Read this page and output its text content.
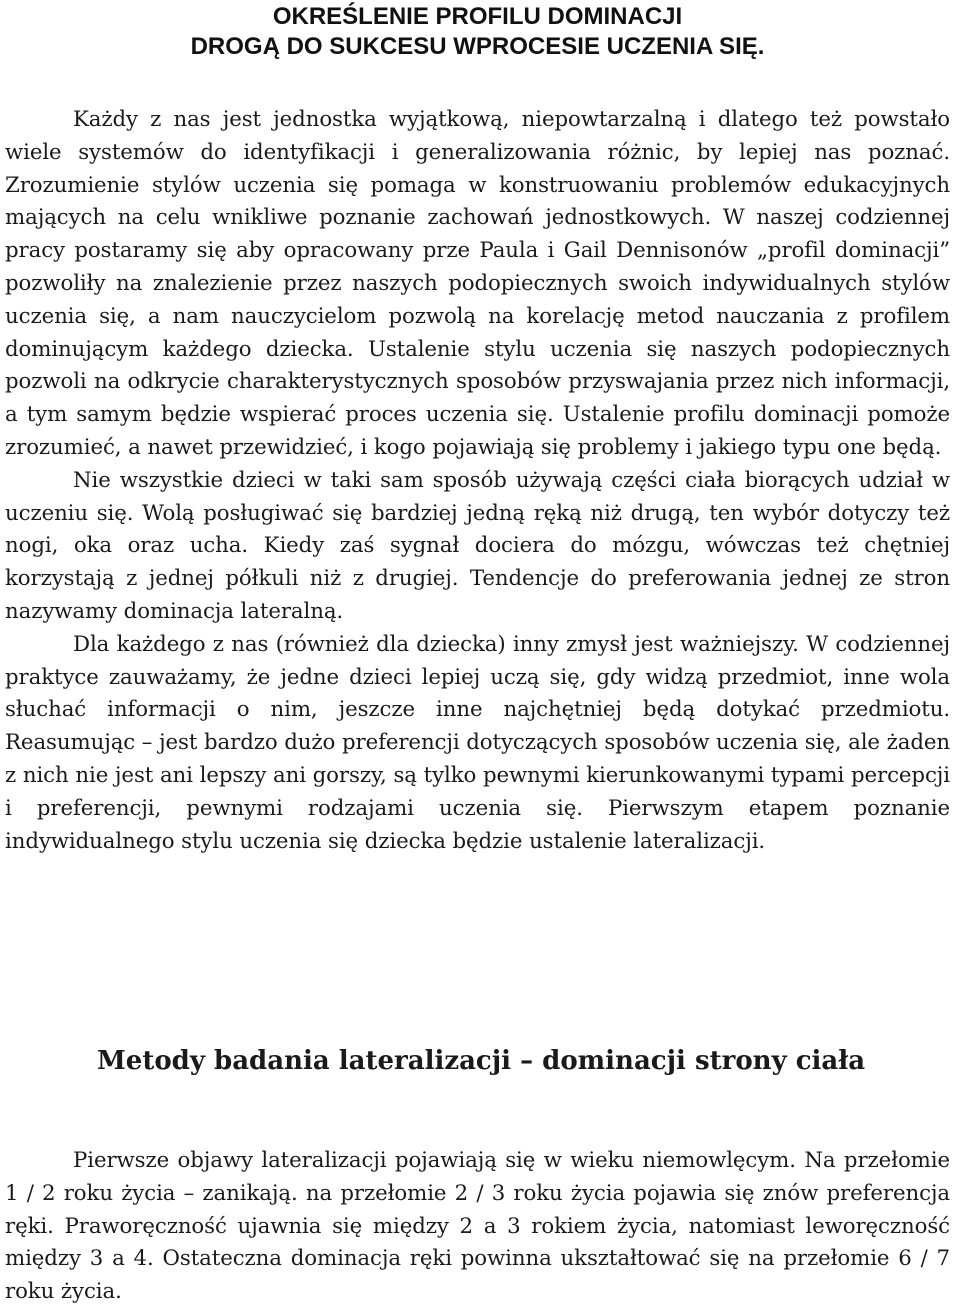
OKREŚLENIE PROFILU DOMINACJI
DROGĄ DO SUKCESU WPROCESIE UCZENIA SIĘ.

Każdy z nas jest jednostka wyjątkową, niepowtarzalną i dlatego też powstało wiele systemów do identyfikacji i generalizowania różnic, by lepiej nas poznać. Zrozumienie stylów uczenia się pomaga w konstruowaniu problemów edukacyjnych mających na celu wnikliwe poznanie zachowań jednostkowych. W naszej codziennej pracy postaramy się aby opracowany prze Paula i Gail Dennisonów „profil dominacji” pozwoliły na znalezienie przez naszych podopiecznych swoich indywidualnych stylów uczenia się, a nam nauczycielom pozwolą na korelację metod nauczania z profilem dominującym każdego dziecka. Ustalenie stylu uczenia się naszych podopiecznych pozwoli na odkrycie charakterystycznych sposobów przyswajania przez nich informacji, a tym samym będzie wspierać proces uczenia się. Ustalenie profilu dominacji pomoże zrozumieć, a nawet przewidzieć, i kogo pojawiają się problemy i jakiego typu one będą.

Nie wszystkie dzieci w taki sam sposób używają części ciała biorących udział w uczeniu się. Wolą posługiwać się bardziej jedną ręką niż drugą, ten wybór dotyczy też nogi, oka oraz ucha. Kiedy zaś sygnał dociera do mózgu, wówczas też chętniej korzystają z jednej półkuli niż z drugiej. Tendencje do preferowania jednej ze stron nazywamy dominacja lateralną.

Dla każdego z nas (również dla dziecka) inny zmysł jest ważniejszy. W codziennej praktyce zauważamy, że jedne dzieci lepiej uczą się, gdy widzą przedmiot, inne wola słuchać informacji o nim, jeszcze inne najchętniej będą dotykać przedmiotu. Reasumując – jest bardzo dużo preferencji dotyczących sposobów uczenia się, ale żaden z nich nie jest ani lepszy ani gorszy, są tylko pewnymi kierunkowanymi typami percepcji i preferencji, pewnymi rodzajami uczenia się. Pierwszym etapem poznanie indywidualnego stylu uczenia się dziecka będzie ustalenie lateralizacji.

Metody badania lateralizacji – dominacji strony ciała

Pierwsze objawy lateralizacji pojawiają się w wieku niemowlęcym. Na przełomie 1 / 2 roku życia – zanikają. na przełomie 2 / 3 roku życia pojawia się znów preferencja ręki. Praworęczność ujawnia się między 2 a 3 rokiem życia, natomiast leworęczność między 3 a 4. Ostateczna dominacja ręki powinna ukształtować się na przełomie 6 / 7 roku życia.
